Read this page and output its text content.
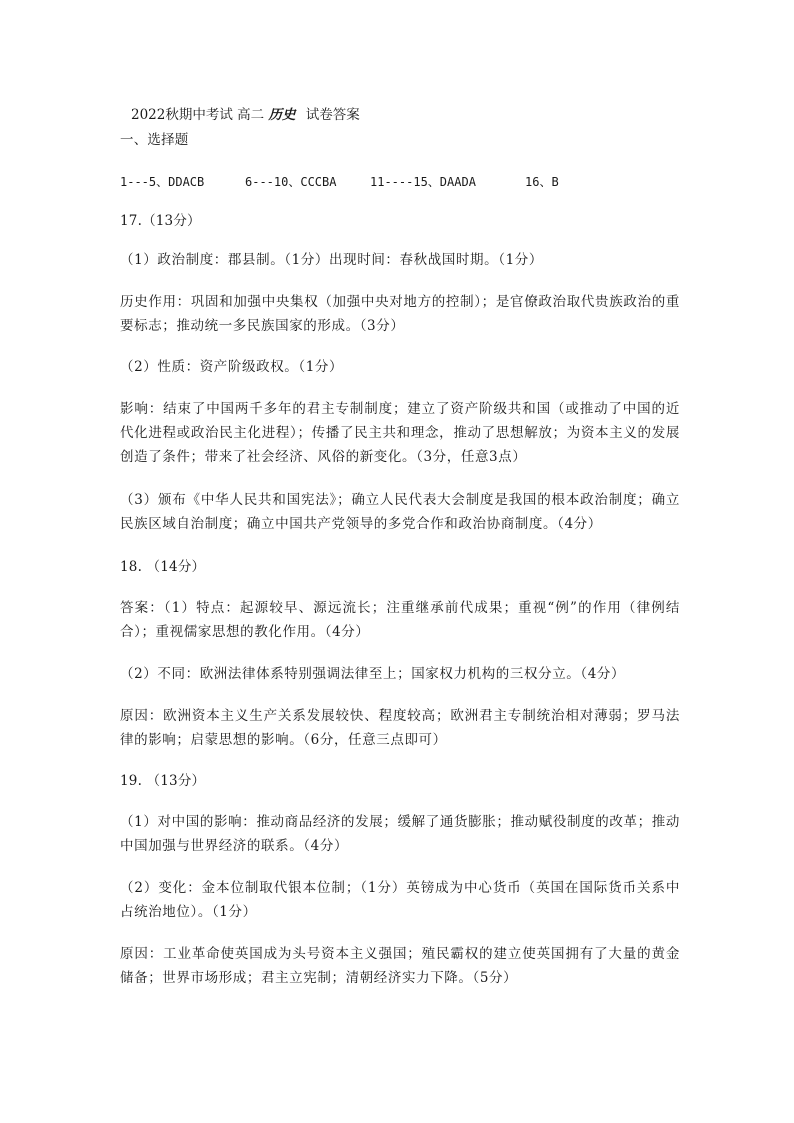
2022秋期中考试 高二 历史 试卷答案
一、选择题
1---5、DDACB	6---10、CCCBA	11----15、DAADA	16、B
17.（13分）
（1）政治制度：郡县制。（1分）出现时间：春秋战国时期。（1分）
历史作用：巩固和加强中央集权（加强中央对地方的控制）；是官僚政治取代贵族政治的重要标志；推动统一多民族国家的形成。（3分）
（2）性质：资产阶级政权。（1分）
影响：结束了中国两千多年的君主专制制度；建立了资产阶级共和国（或推动了中国的近代化进程或政治民主化进程）；传播了民主共和理念，推动了思想解放；为资本主义的发展创造了条件；带来了社会经济、风俗的新变化。（3分，任意3点）
（3）颁布《中华人民共和国宪法》；确立人民代表大会制度是我国的根本政治制度；确立民族区域自治制度；确立中国共产党领导的多党合作和政治协商制度。（4分）
18. （14分）
答案：（1）特点：起源较早、源远流长；注重继承前代成果；重视“例”的作用（律例结合）；重视儒家思想的教化作用。（4分）
（2）不同：欧洲法律体系特别强调法律至上；国家权力机构的三权分立。（4分）
原因：欧洲资本主义生产关系发展较快、程度较高；欧洲君主专制统治相对薄弱；罗马法律的影响；启蒙思想的影响。（6分，任意三点即可）
19. （13分）
（1）对中国的影响：推动商品经济的发展；缓解了通货膨胀；推动赋役制度的改革；推动中国加强与世界经济的联系。（4分）
（2）变化：金本位制取代银本位制；（1分）英镑成为中心货币（英国在国际货币关系中占统治地位）。（1分）
原因：工业革命使英国成为头号资本主义强国；殖民霸权的建立使英国拥有了大量的黄金储备；世界市场形成；君主立宪制；清朝经济实力下降。（5分）
